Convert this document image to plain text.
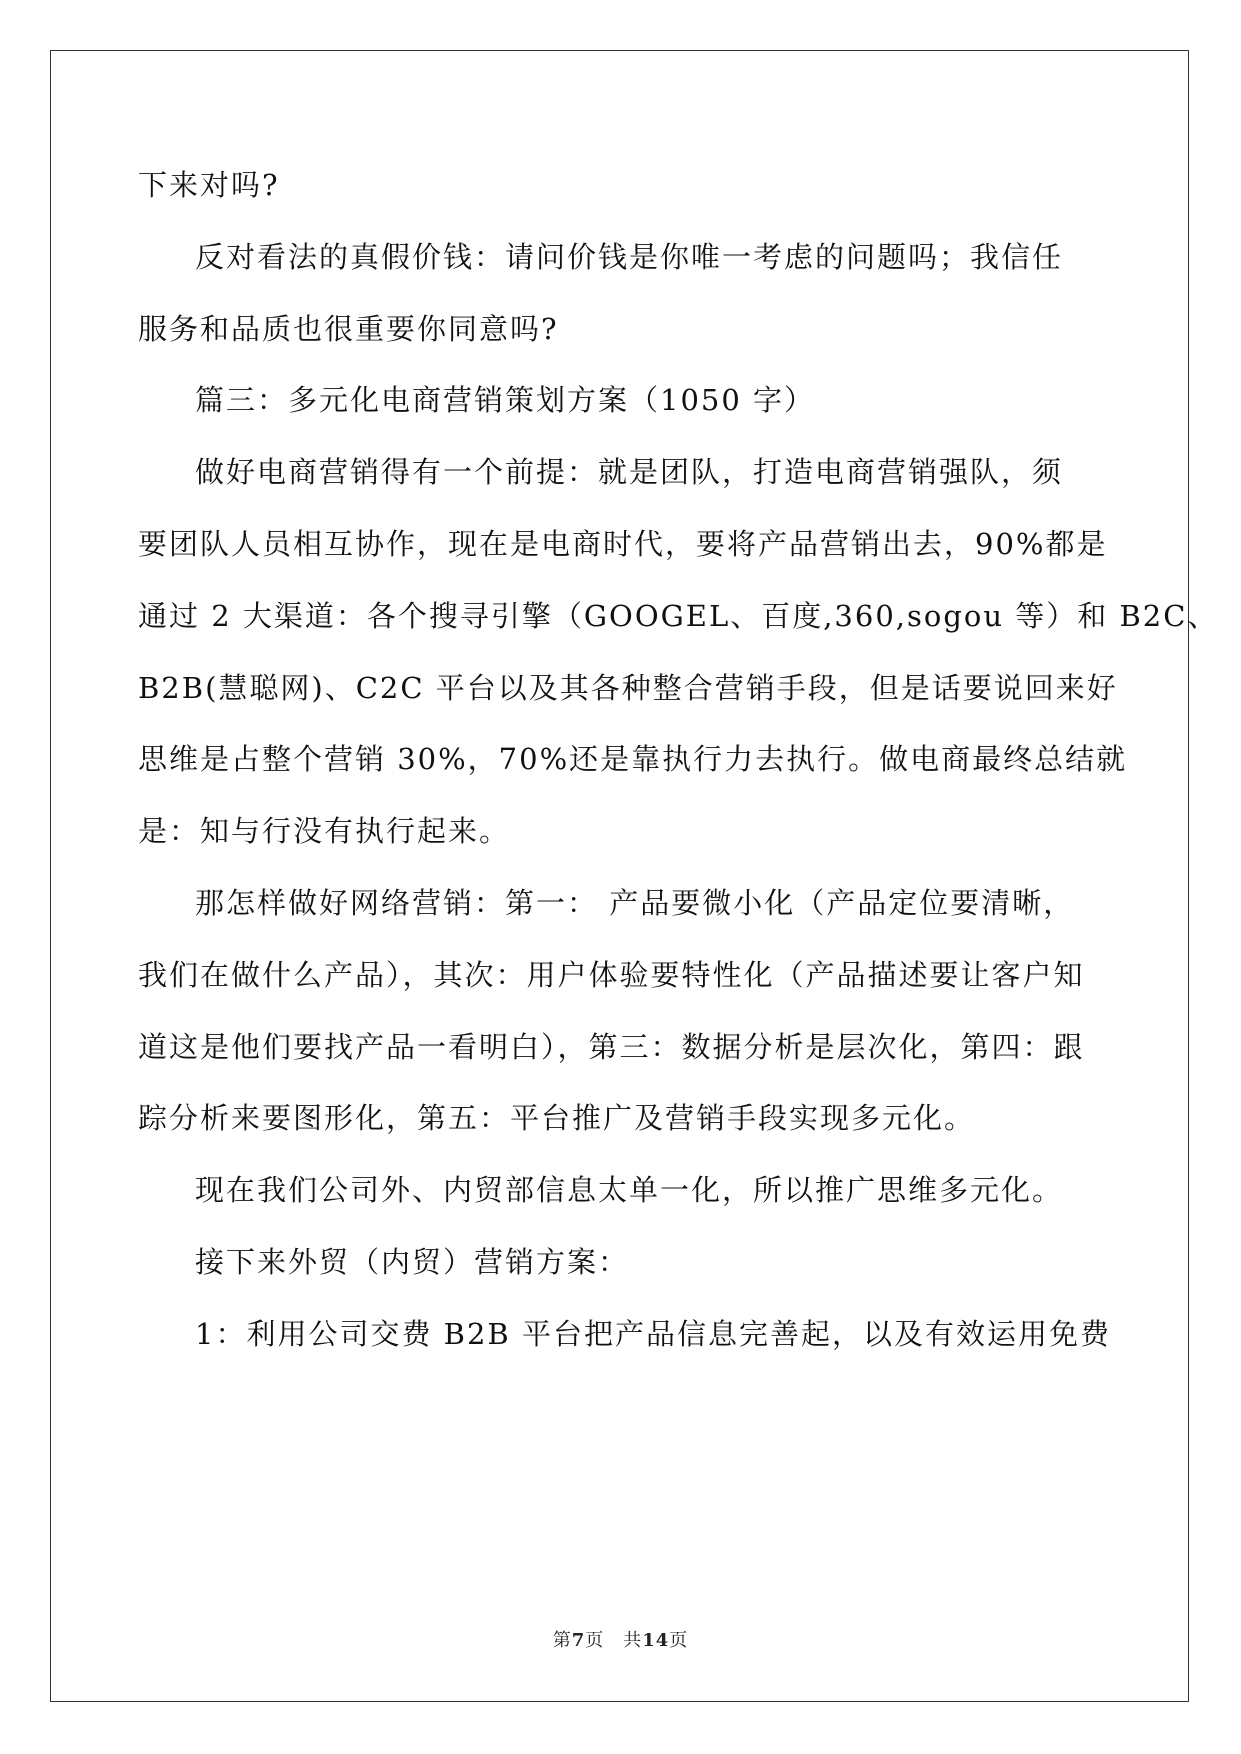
下来对吗?
反对看法的真假价钱：请问价钱是你唯一考虑的问题吗；我信任
服务和品质也很重要你同意吗?
篇三：多元化电商营销策划方案（1050 字）
做好电商营销得有一个前提：就是团队，打造电商营销强队，须
要团队人员相互协作，现在是电商时代，要将产品营销出去，90%都是
通过 2 大渠道：各个搜寻引擎（GOOGEL、百度,360,sogou 等）和 B2C、
B2B(慧聪网)、C2C 平台以及其各种整合营销手段，但是话要说回来好
思维是占整个营销 30%，70%还是靠执行力去执行。做电商最终总结就
是：知与行没有执行起来。
那怎样做好网络营销：第一： 产品要微小化（产品定位要清晰，
我们在做什么产品），其次：用户体验要特性化（产品描述要让客户知
道这是他们要找产品一看明白），第三：数据分析是层次化，第四：跟
踪分析来要图形化，第五：平台推广及营销手段实现多元化。
现在我们公司外、内贸部信息太单一化，所以推广思维多元化。
接下来外贸（内贸）营销方案：
1：利用公司交费 B2B 平台把产品信息完善起，以及有效运用免费
第7页　共14页
